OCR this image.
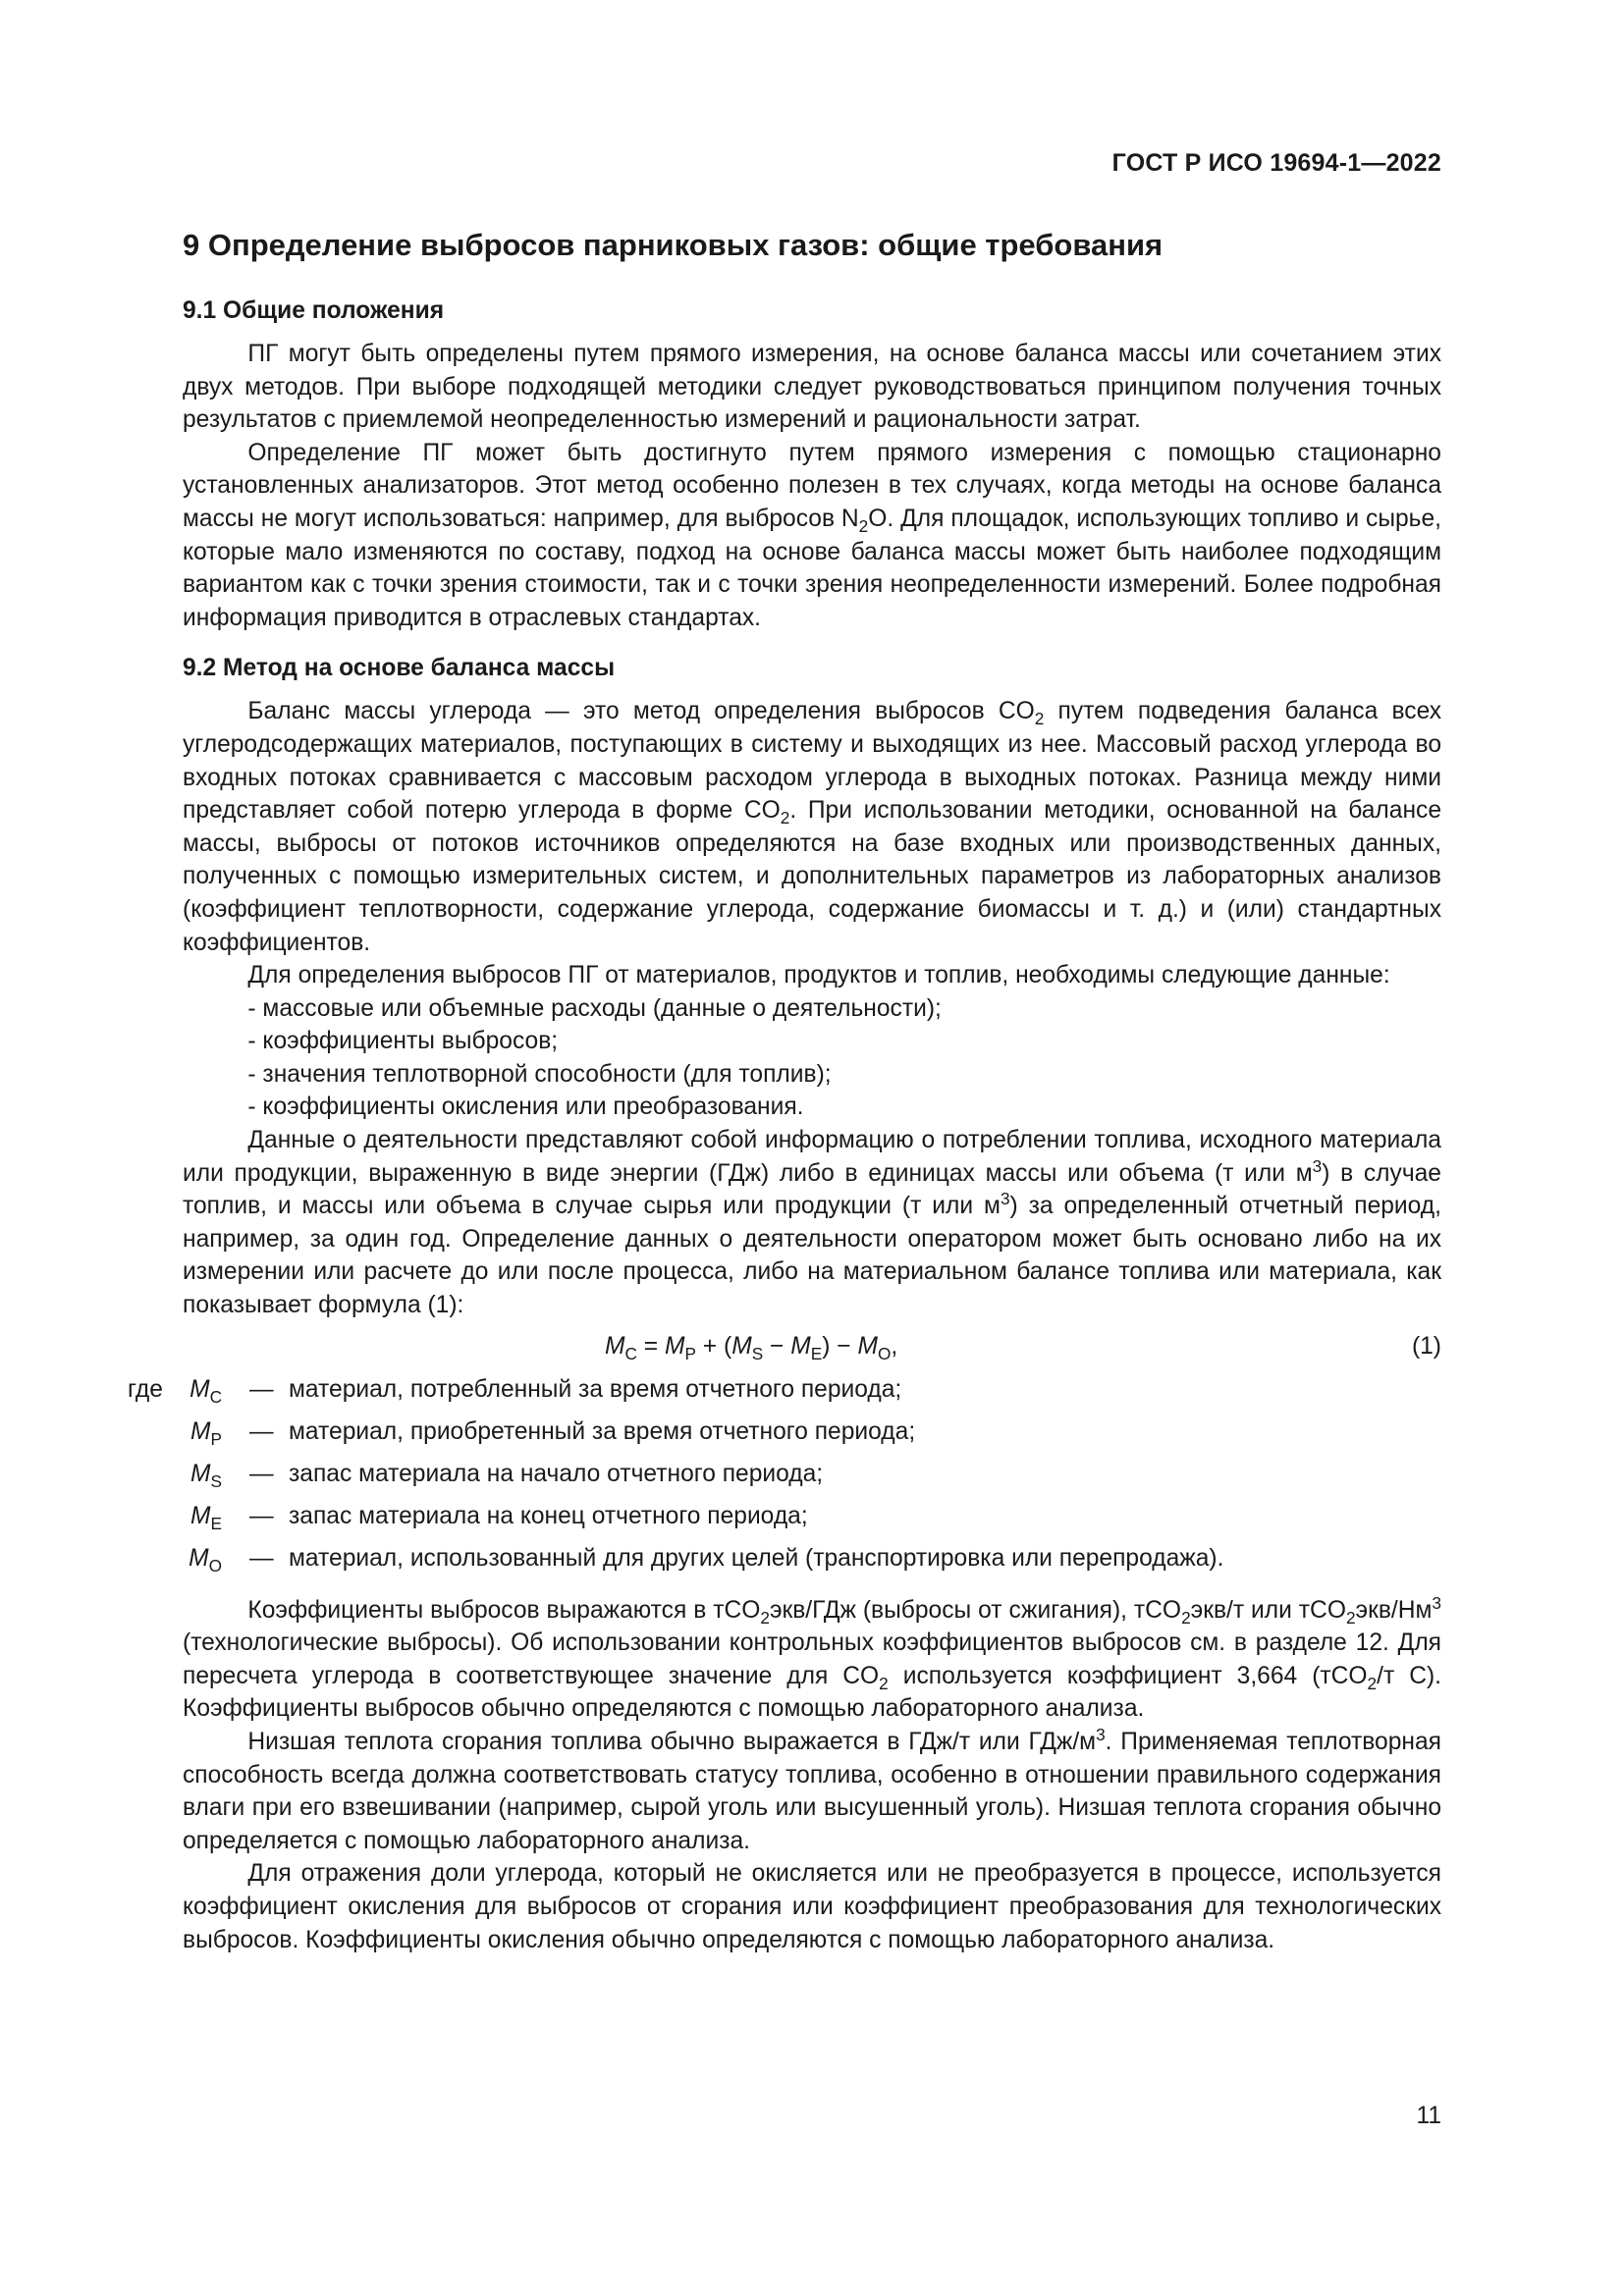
ГОСТ Р ИСО 19694-1—2022
9 Определение выбросов парниковых газов: общие требования
9.1 Общие положения

ПГ могут быть определены путем прямого измерения, на основе баланса массы или сочетанием этих двух методов. При выборе подходящей методики следует руководствоваться принципом получения точных результатов с приемлемой неопределенностью измерений и рациональности затрат.

Определение ПГ может быть достигнуто путем прямого измерения с помощью стационарно установленных анализаторов. Этот метод особенно полезен в тех случаях, когда методы на основе баланса массы не могут использоваться: например, для выбросов $N_2O$. Для площадок, использующих топливо и сырье, которые мало изменяются по составу, подход на основе баланса массы может быть наиболее подходящим вариантом как с точки зрения стоимости, так и с точки зрения неопределенности измерений. Более подробная информация приводится в отраслевых стандартах.

9.2 Метод на основе баланса массы

Баланс массы углерода — это метод определения выбросов $CO_2$ путем подведения баланса всех углеродсодержащих материалов, поступающих в систему и выходящих из нее. Массовый расход углерода во входных потоках сравнивается с массовым расходом углерода в выходных потоках. Разница между ними представляет собой потерю углерода в форме $CO_2$. При использовании методики, основанной на балансе массы, выбросы от потоков источников определяются на базе входных или производственных данных, полученных с помощью измерительных систем, и дополнительных параметров из лабораторных анализов (коэффициент теплотворности, содержание углерода, содержание биомассы и т. д.) и (или) стандартных коэффициентов.

Для определения выбросов ПГ от материалов, продуктов и топлив, необходимы следующие данные:

- массовые или объемные расходы (данные о деятельности);

- коэффициенты выбросов;

- значения теплотворной способности (для топлив);

- коэффициенты окисления или преобразования.

Данные о деятельности представляют собой информацию о потреблении топлива, исходного материала или продукции, выраженную в виде энергии (ГДж) либо в единицах массы или объема (т или $м^3$) в случае топлив, и массы или объема в случае сырья или продукции (т или $м^3$) за определенный отчетный период, например, за один год. Определение данных о деятельности оператором может быть основано либо на их измерении или расчете до или после процесса, либо на материальном балансе топлива или материала, как показывает формула (1):

$M_C = M_P + (M_S - M_E) - M_O$,	(1)
где	$M_C$ — материал, потребленный за время отчетного периода;
$M_P$ — материал, приобретенный за время отчетного периода;
$M_S$ — запас материала на начало отчетного периода;
$M_E$ — запас материала на конец отчетного периода;
$M_O$ — материал, использованный для других целей (транспортировка или перепродажа).

Коэффициенты выбросов выражаются в тCO$_2$экв/ГДж (выбросы от сжигания), тCO$_2$экв/т или $тCO_2экв/Нм^3$ (технологические выбросы). Об использовании контрольных коэффициентов выбросов см. в разделе 12. Для пересчета углерода в соответствующее значение для $CO_2$ используется коэффициент 3,664 (тCO$_2$/т C). Коэффициенты выбросов обычно определяются с помощью лабораторного анализа.

Низшая теплота сгорания топлива обычно выражается в ГДж/т или ГДж/$м^3$. Применяемая теплотворная способность всегда должна соответствовать статусу топлива, особенно в отношении правильного содержания влаги при его взвешивании (например, сырой уголь или высушенный уголь). Низшая теплота сгорания обычно определяется с помощью лабораторного анализа.

Для отражения доли углерода, который не окисляется или не преобразуется в процессе, используется коэффициент окисления для выбросов от сгорания или коэффициент преобразования для технологических выбросов. Коэффициенты окисления обычно определяются с помощью лабораторного анализа.

11
